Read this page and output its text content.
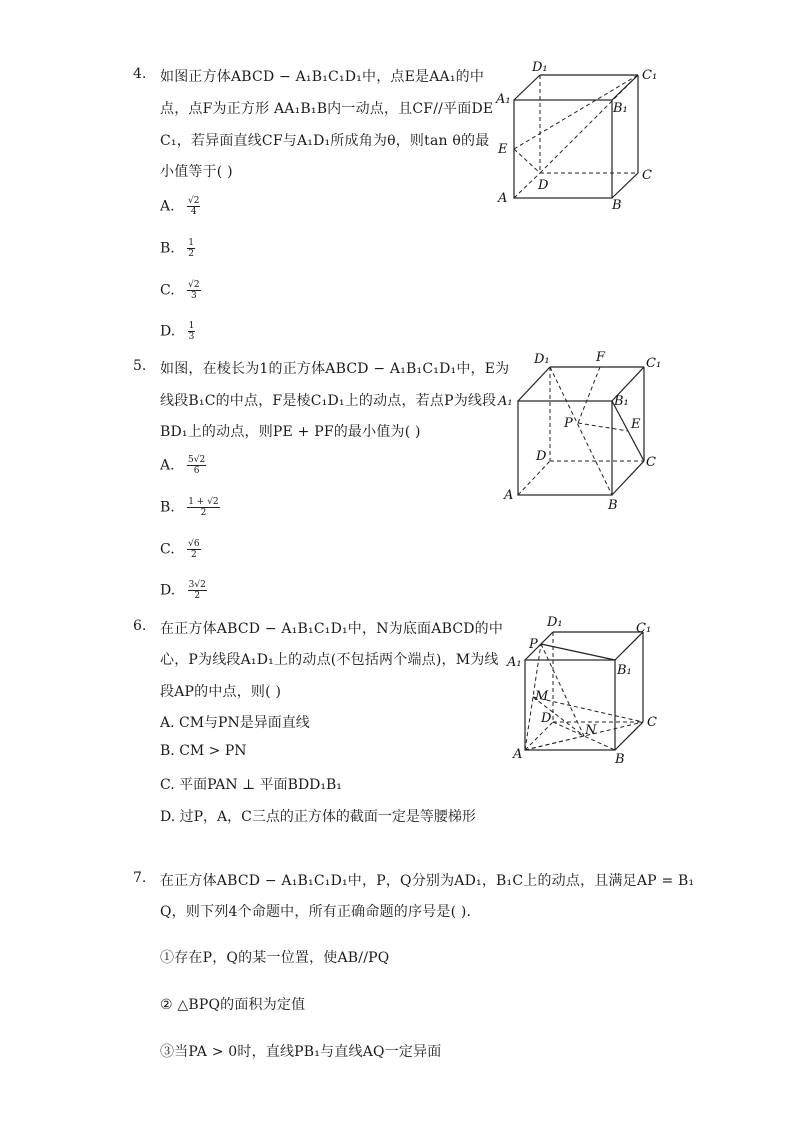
4. 如图正方体ABCD − A₁B₁C₁D₁中，点E是AA₁的中
点，点F为正方形 AA₁B₁B内一动点，且CF//平面DE
C₁，若异面直线CF与A₁D₁所成角为θ，则tan θ的最
小值等于( )
A. $\frac{√2}{4}$
B. $\frac{1}{2}$
C. $\frac{√2}{3}$
D. $\frac{1}{3}$
D₁
C₁
A₁
B₁
E
D
C
A	B
5. 如图，在棱长为1的正方体ABCD − A₁B₁C₁D₁中，E为
线段B₁C的中点，F是棱C₁D₁上的动点，若点P为线段
BD₁上的动点，则PE + PF的最小值为( )
A. $\frac{5√2}{6}$
B. $\frac{1 + √2}{2}$
C. $\frac{√6}{2}$
D. $\frac{3√2}{2}$
D₁	F	C₁
A₁	B₁
P	E
D	C
A
B
6. 在正方体ABCD − A₁B₁C₁D₁中，N为底面ABCD的中
心，P为线段A₁D₁上的动点(不包括两个端点)，M为线
段AP的中点，则( )
A. CM与PN是异面直线
B. CM > PN
C. 平面PAN ⊥ 平面BDD₁B₁
D. 过P，A，C三点的正方体的截面一定是等腰梯形
D₁	C₁
P
A₁
B₁
M
D	C
N
A	B
7. 在正方体ABCD − A₁B₁C₁D₁中，P，Q分别为AD₁，B₁C上的动点，且满足AP = B₁
Q，则下列4个命题中，所有正确命题的序号是( ).
①存在P，Q的某一位置，使AB//PQ
② △BPQ的面积为定值
③当PA > 0时，直线PB₁与直线AQ一定异面
